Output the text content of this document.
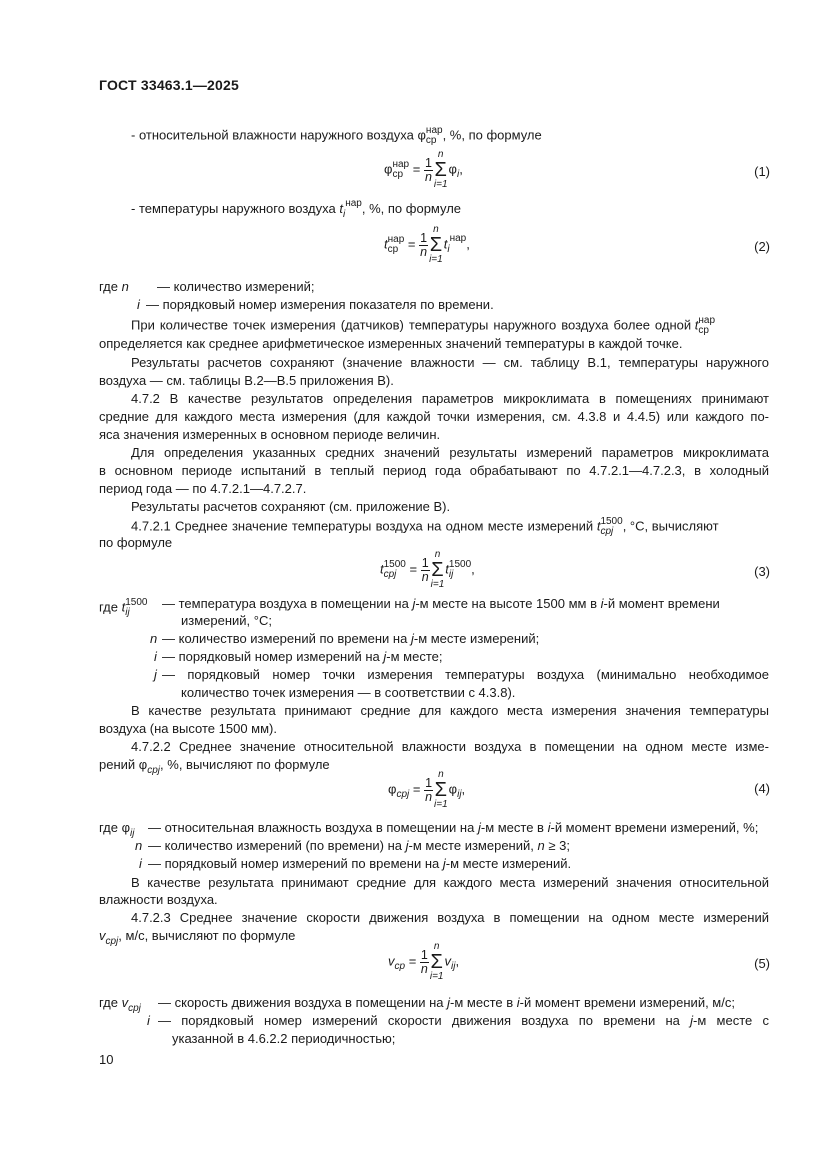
ГОСТ 33463.1—2025
- относительной влажности наружного воздуха φ нар
ср , %, по формуле
φ нар
ср = $\frac{1}{n}$
n
Σ
$i=1\varphi_i$,	(1)
- температуры наружного воздуха $t_i^{нар}$, %, по формуле
t нар
ср = $\frac{1}{n}$
n
Σ
$i=1t_i^{нар}$,	(2)
где n — количество измерений;
i — порядковый номер измерения показателя по времени.
При количестве точек измерения (датчиков) температуры наружного воздуха более одной t нар
ср
определяется как среднее арифметическое измеренных значений температуры в каждой точке.
Результаты расчетов сохраняют (значение влажности — см. таблицу В.1, температуры наружного
воздуха — см. таблицы В.2—В.5 приложения В).
4.7.2 В качестве результатов определения параметров микроклимата в помещениях принимают
средние для каждого места измерения (для каждой точки измерения, см. 4.3.8 и 4.4.5) или каждого по-
яса значения измеренных в основном периоде величин.
Для определения указанных средних значений результаты измерений параметров микроклимата
в основном периоде испытаний в теплый период года обрабатывают по 4.7.2.1—4.7.2.3, в холодный
период года — по 4.7.2.1—4.7.2.7.
Результаты расчетов сохраняют (см. приложение В).
4.7.2.1 Среднее значение температуры воздуха на одном месте измерений t 1500
срj , °С, вычисляют
по формуле
t 1500
срj	= $\frac{1}{n}$
n
Σ
i=1t 1500
ij	,	(3)
где t 1500
ij
— температура воздуха в помещении на j-м месте на высоте 1500 мм в i-й момент времени
измерений, °С;
n — количество измерений по времени на j-м месте измерений;
i — порядковый номер измерений на j-м месте;
j — порядковый номер точки измерения температуры воздуха (минимально необходимое
количество точек измерения — в соответствии с 4.3.8).
В качестве результата принимают средние для каждого места измерения значения температуры
воздуха (на высоте 1500 мм).
4.7.2.2 Среднее значение относительной влажности воздуха в помещении на одном месте изме-
рений $\varphi_{срj}$, %, вычисляют по формуле
$\varphi_{срj} = \frac{1}{n}$
n
Σ
$i=1\varphi_{ij}$,	(4)
где $\varphi_{ij}$ — относительная влажность воздуха в помещении на j-м месте в i-й момент времени измерений, %;
n — количество измерений (по времени) на j-м месте измерений, n ≥ 3;
i — порядковый номер измерений по времени на j-м месте измерений.
В качестве результата принимают средние для каждого места измерений значения относительной
влажности воздуха.
4.7.2.3 Среднее значение скорости движения воздуха в помещении на одном месте измерений
$v_{срj}$, м/с, вычисляют по формуле
$v_{ср} = \frac{1}{n}$
n
Σ
$i=1v_{ij}$,	(5)
где $v_{срj}$ — скорость движения воздуха в помещении на j-м месте в i-й момент времени измерений, м/с;
i — порядковый номер измерений скорости движения воздуха по времени на j-м месте с
указанной в 4.6.2.2 периодичностью;
10
